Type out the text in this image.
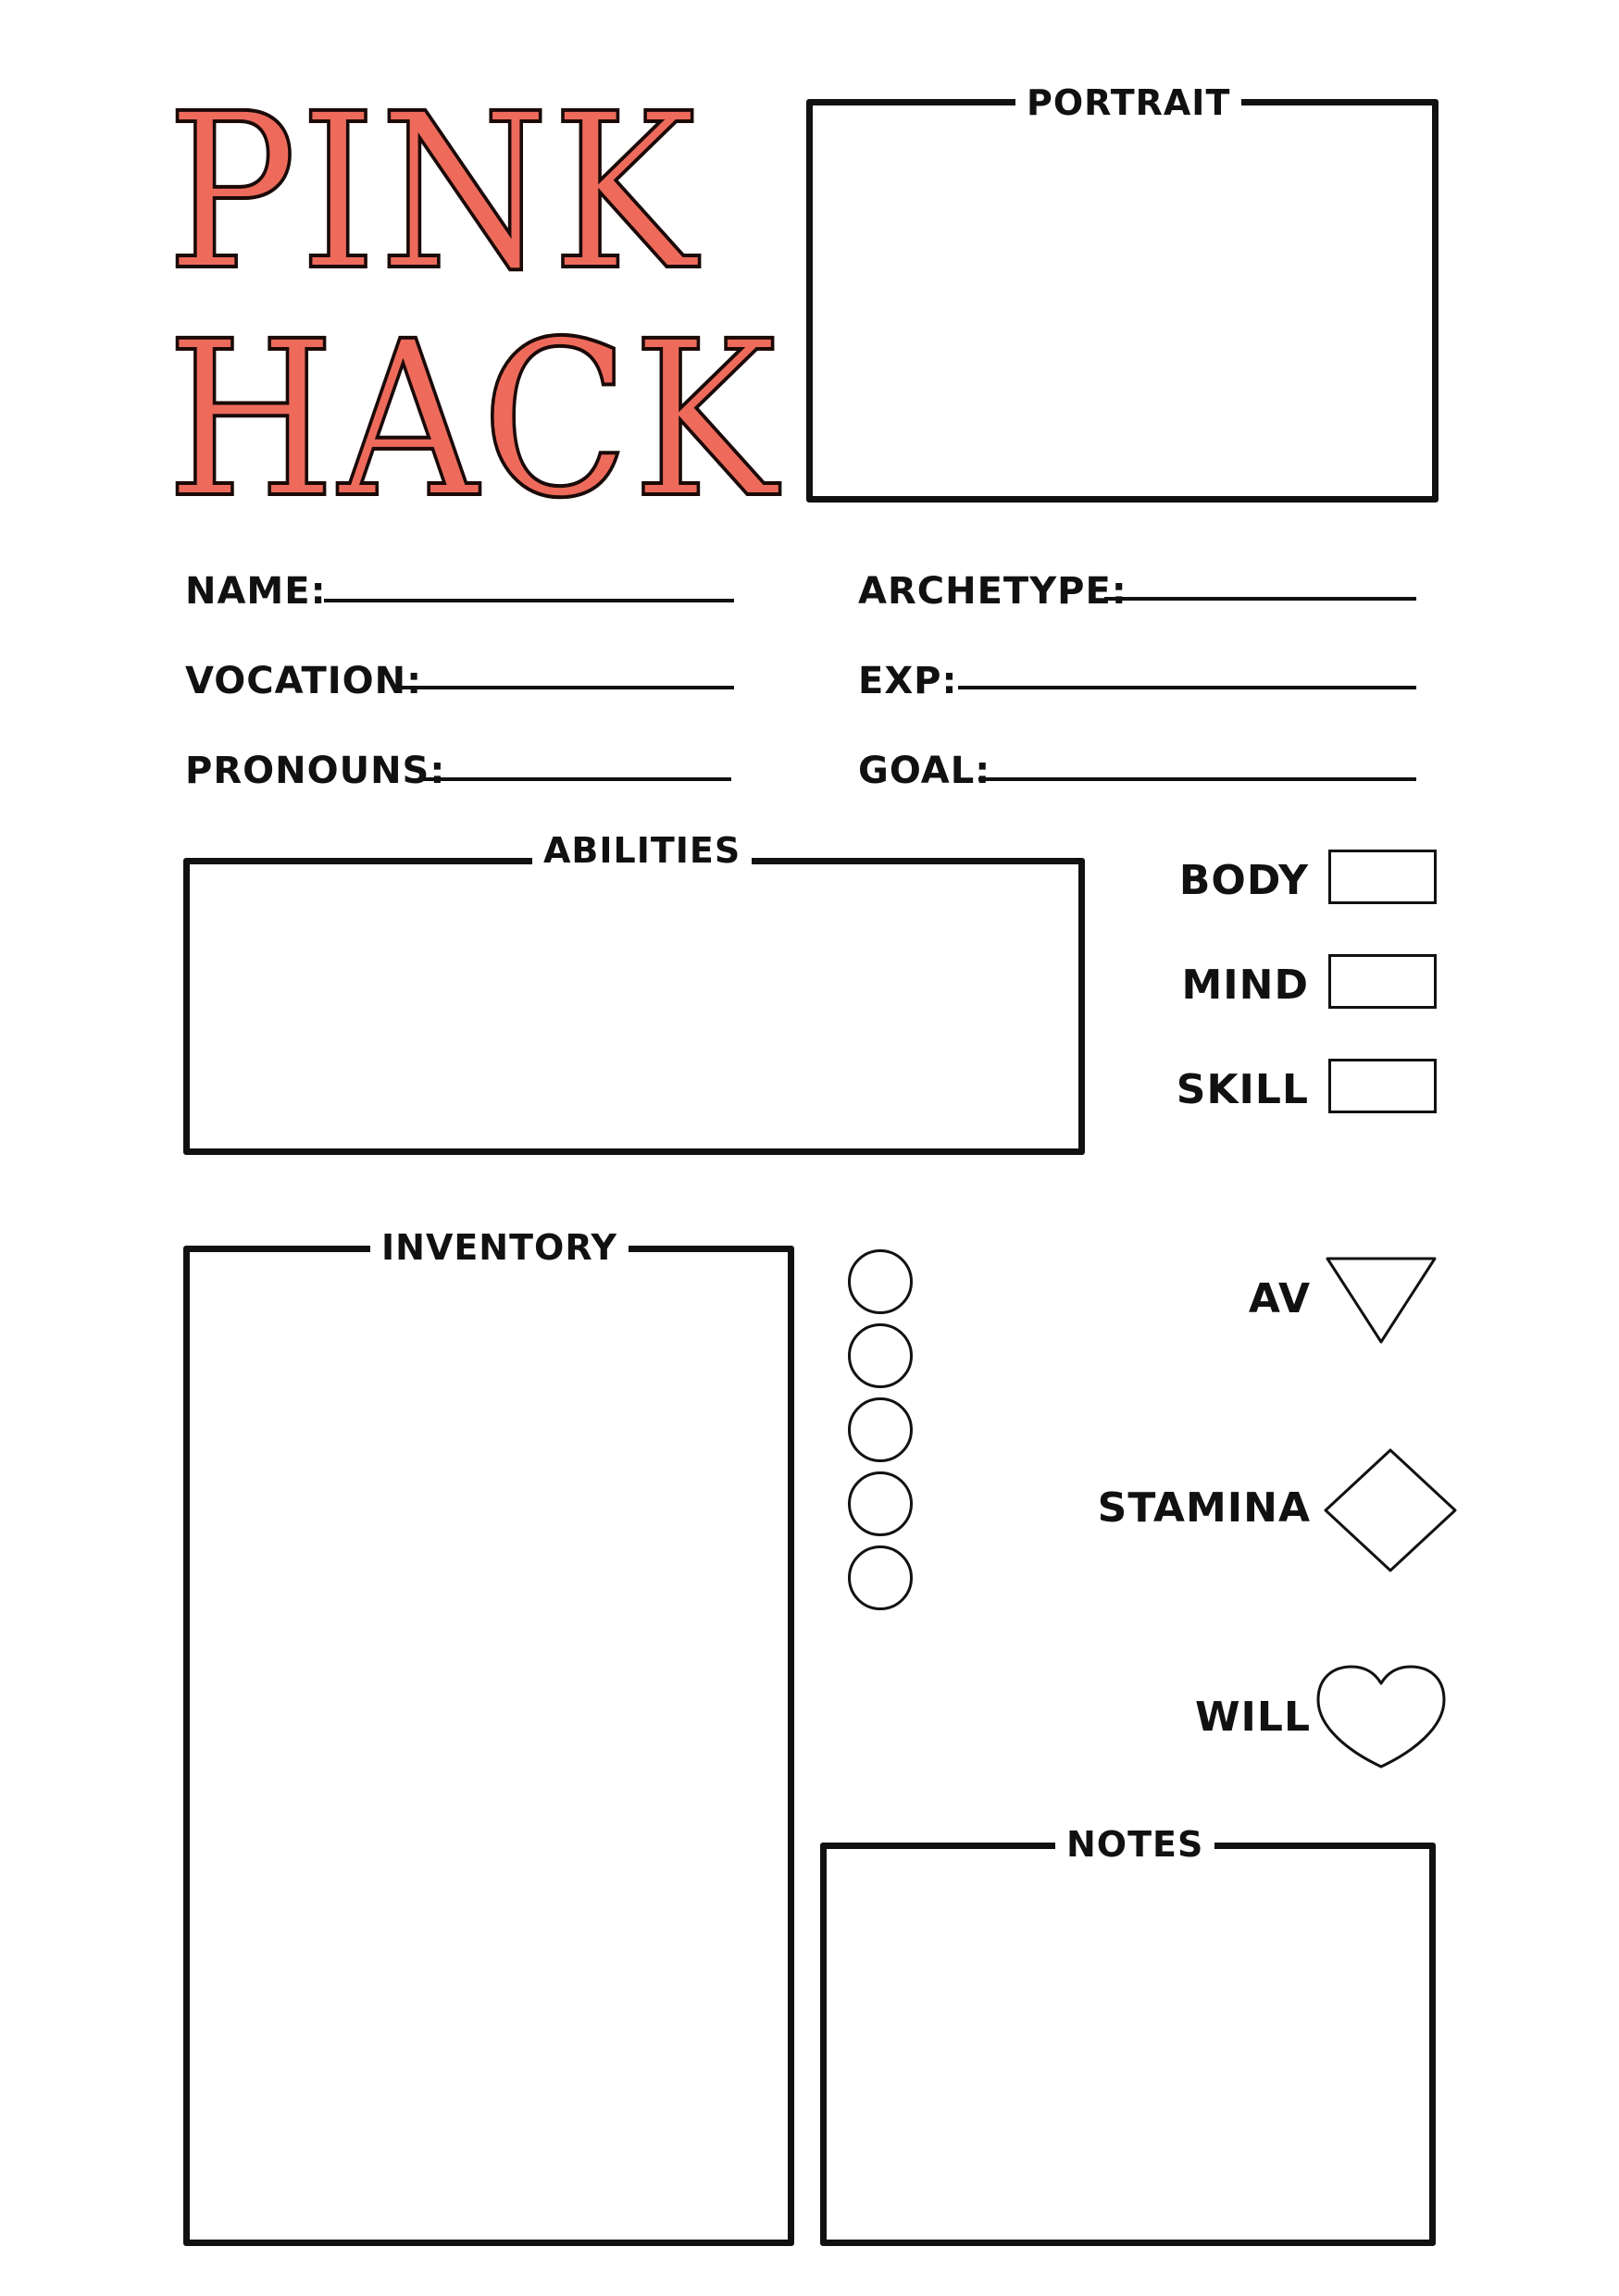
PINK
HACK
PORTRAIT
NAME:
VOCATION:
PRONOUNS:
ARCHETYPE:
EXP:
GOAL:
ABILITIES
BODY
MIND
SKILL
INVENTORY
AV
STAMINA
WILL
NOTES
